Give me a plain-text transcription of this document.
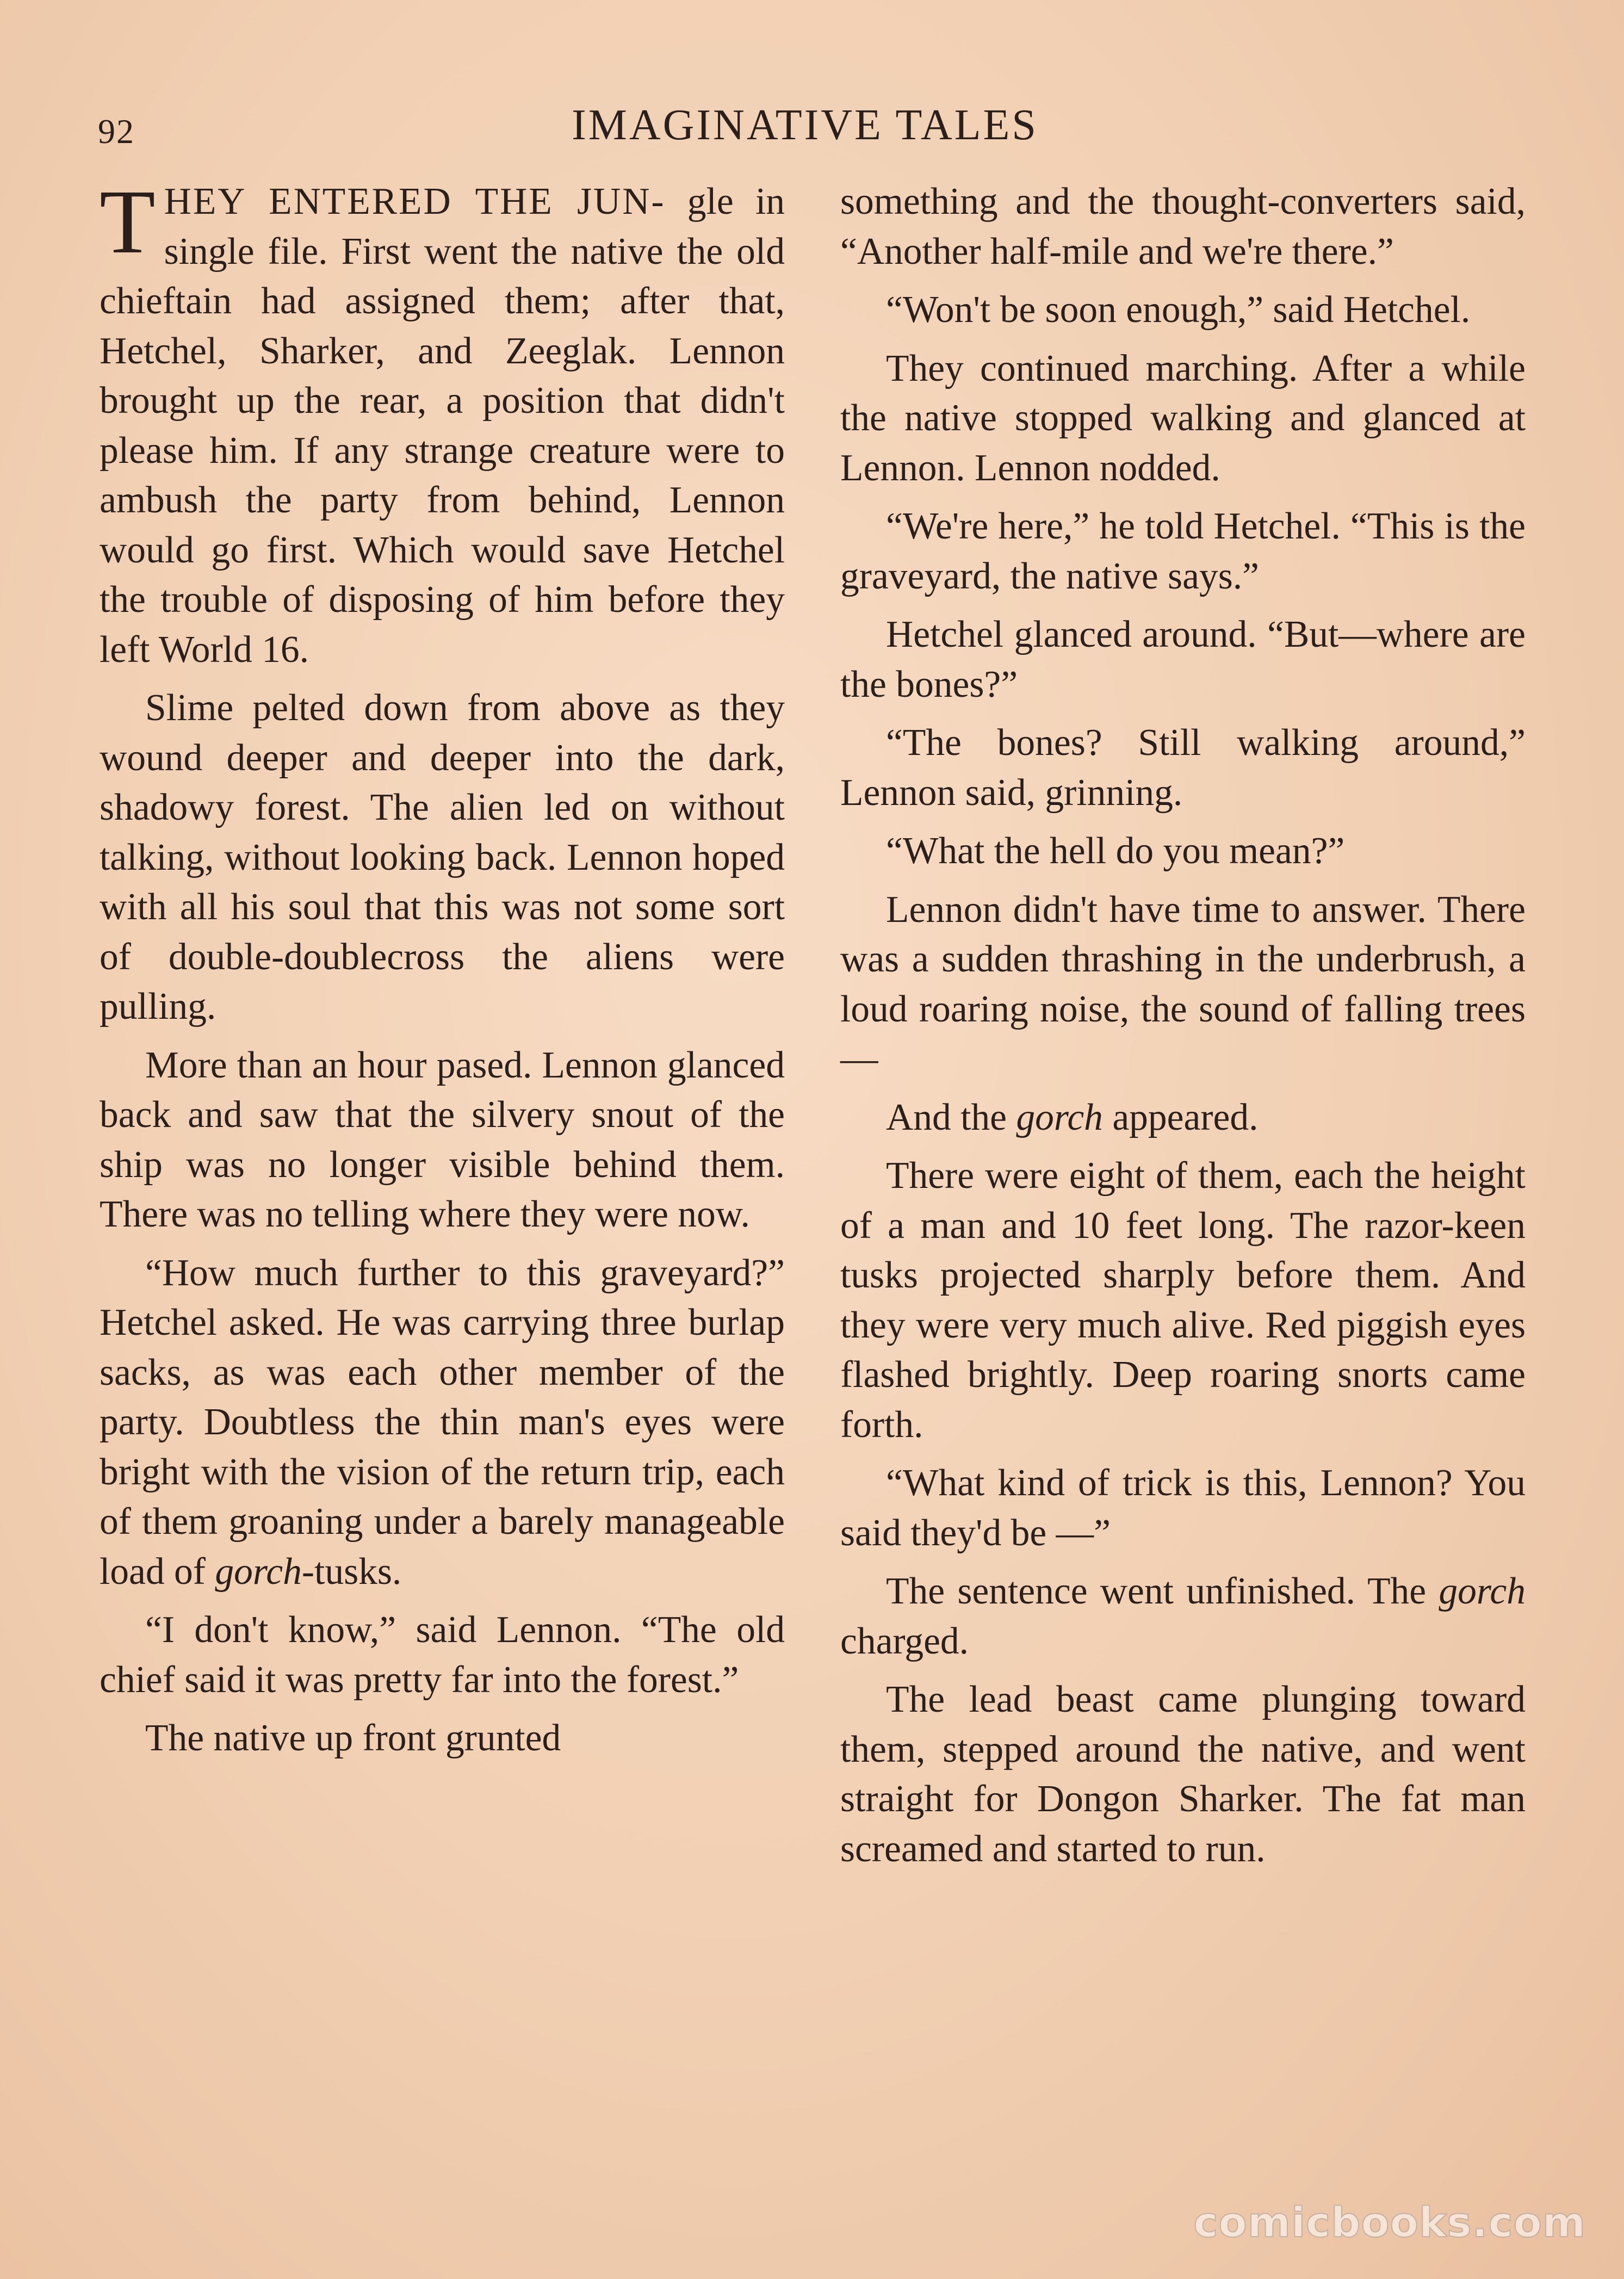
92	IMAGINATIVE TALES

THEY ENTERED THE JUN- gle in single file. First went the native the old chieftain had assigned them; after that, Hetchel, Sharker, and Zeeglak. Lennon brought up the rear, a position that didn't please him. If any strange creature were to ambush the party from behind, Lennon would go first. Which would save Hetchel the trouble of disposing of him before they left World 16.

Slime pelted down from above as they wound deeper and deeper into the dark, shadowy forest. The alien led on without talking, without looking back. Lennon hoped with all his soul that this was not some sort of double-doublecross the aliens were pulling.

More than an hour pased. Lennon glanced back and saw that the silvery snout of the ship was no longer visible behind them. There was no telling where they were now.

“How much further to this graveyard?” Hetchel asked. He was carrying three burlap sacks, as was each other member of the party. Doubtless the thin man's eyes were bright with the vision of the return trip, each of them groaning under a barely manageable load of gorch-tusks.

“I don't know,” said Lennon. “The old chief said it was pretty far into the forest.”

The native up front grunted

something and the thought-converters said, “Another half-mile and we're there.”

“Won't be soon enough,” said Hetchel.

They continued marching. After a while the native stopped walking and glanced at Lennon. Lennon nodded.

“We're here,” he told Hetchel. “This is the graveyard, the native says.”

Hetchel glanced around. “But—where are the bones?”

“The bones? Still walking around,” Lennon said, grinning.

“What the hell do you mean?”

Lennon didn't have time to answer. There was a sudden thrashing in the underbrush, a loud roaring noise, the sound of falling trees—

And the gorch appeared.

There were eight of them, each the height of a man and 10 feet long. The razor-keen tusks projected sharply before them. And they were very much alive. Red piggish eyes flashed brightly. Deep roaring snorts came forth.

“What kind of trick is this, Lennon? You said they'd be —”

The sentence went unfinished. The gorch charged.

The lead beast came plunging toward them, stepped around the native, and went straight for Dongon Sharker. The fat man screamed and started to run.

comicbooks.com
